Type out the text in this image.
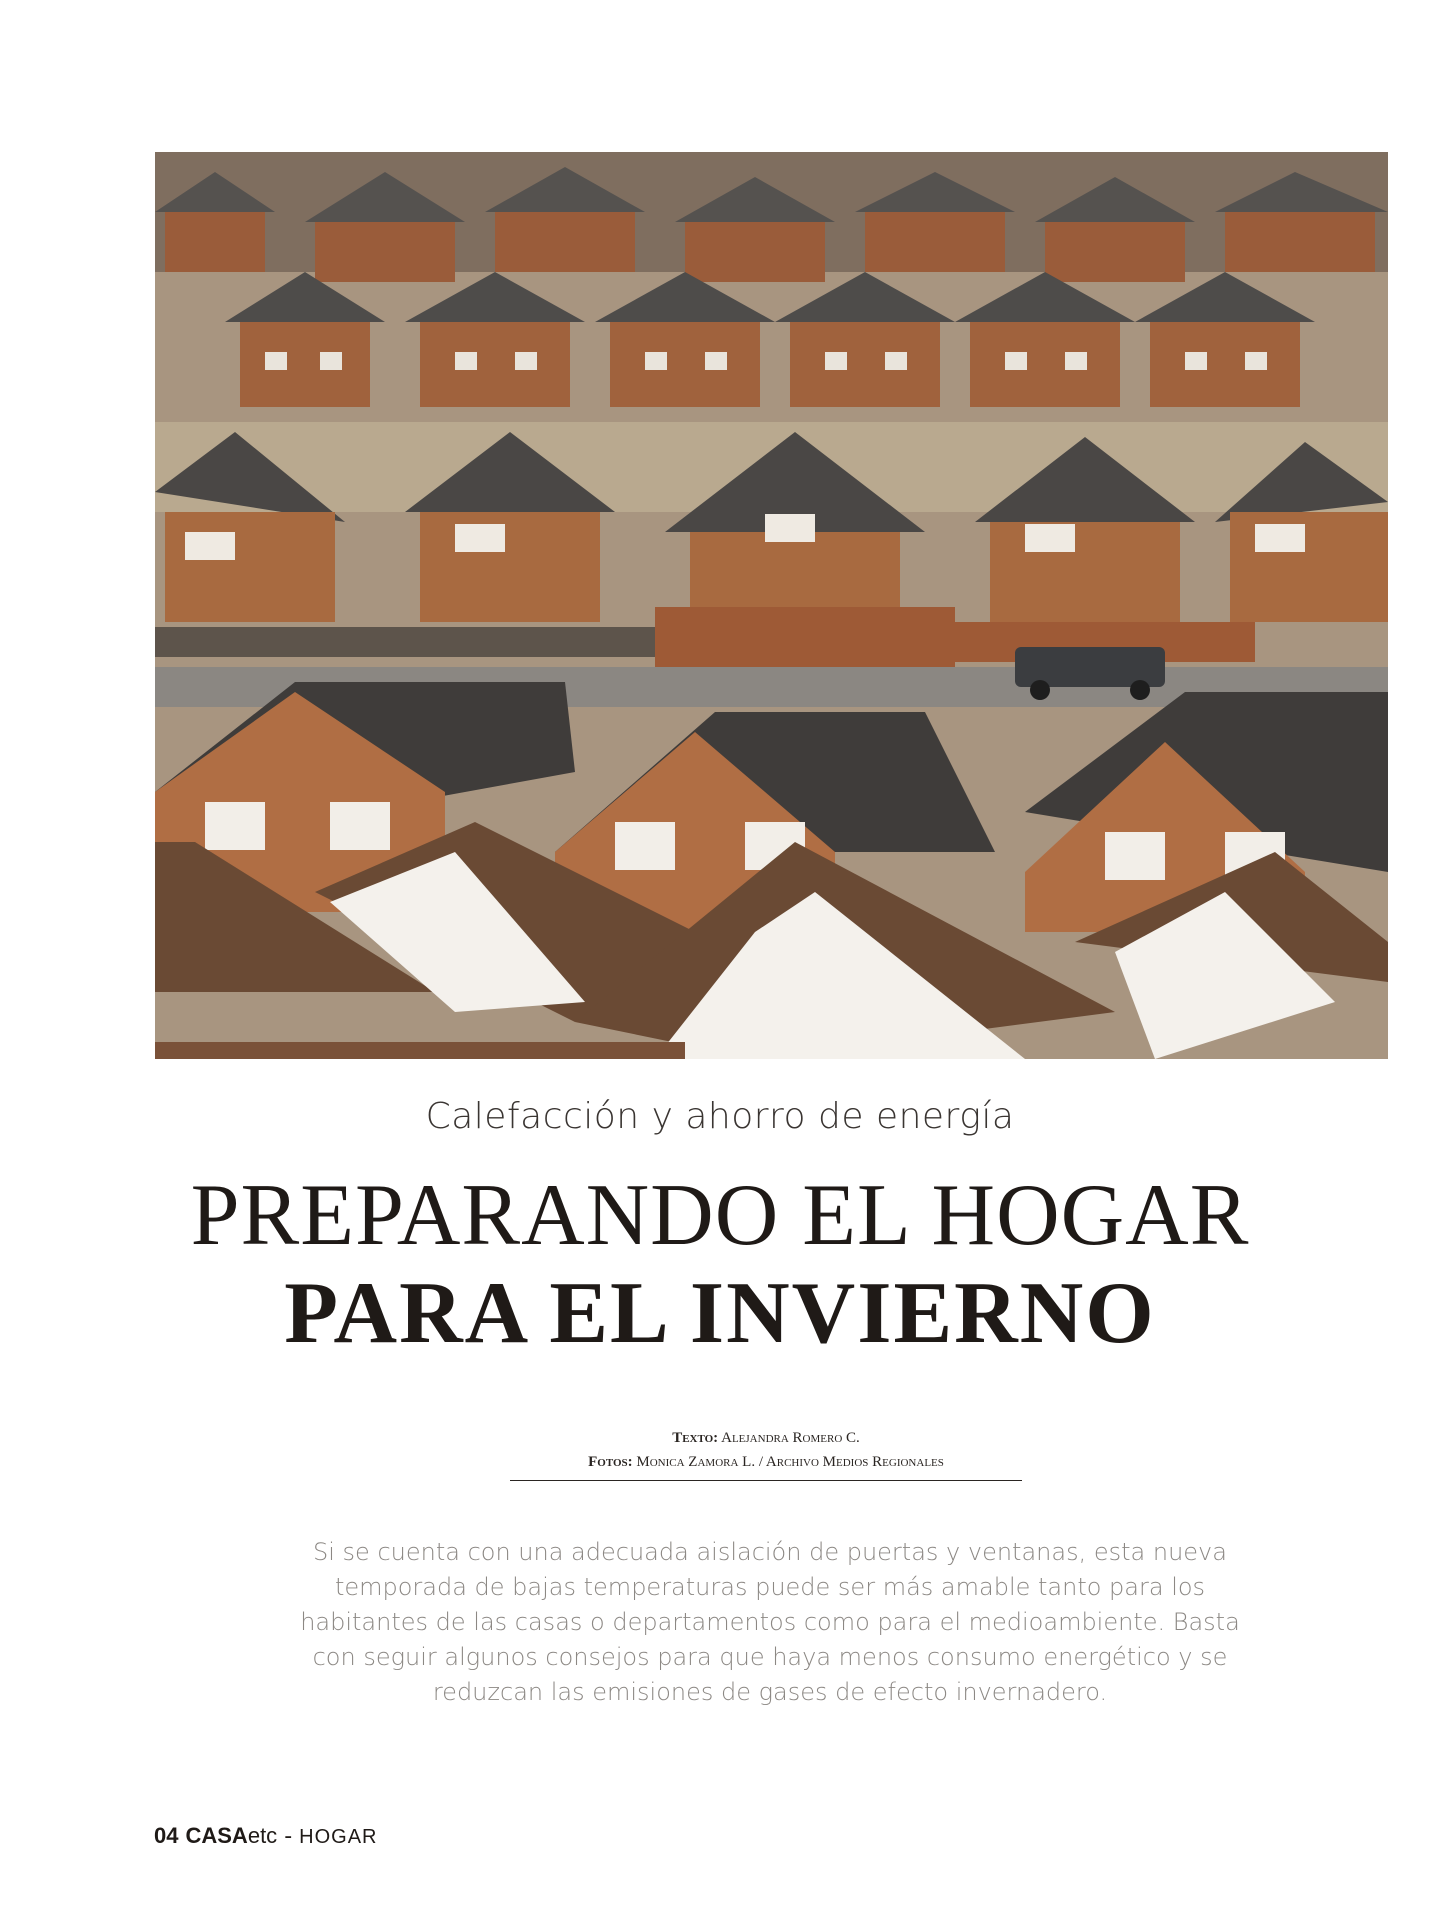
Calefacción y ahorro de energía
PREPARANDO EL HOGAR
PARA EL INVIERNO
Texto: Alejandra Romero C.
Fotos: Monica Zamora L. / Archivo Medios Regionales
Si se cuenta con una adecuada aislación de puertas y ventanas, esta nueva temporada de bajas temperaturas puede ser más amable tanto para los habitantes de las casas o departamentos como para el medioambiente. Basta con seguir algunos consejos para que haya menos consumo energético y se reduzcan las emisiones de gases de efecto invernadero.
04 CASAetc - HOGAR
